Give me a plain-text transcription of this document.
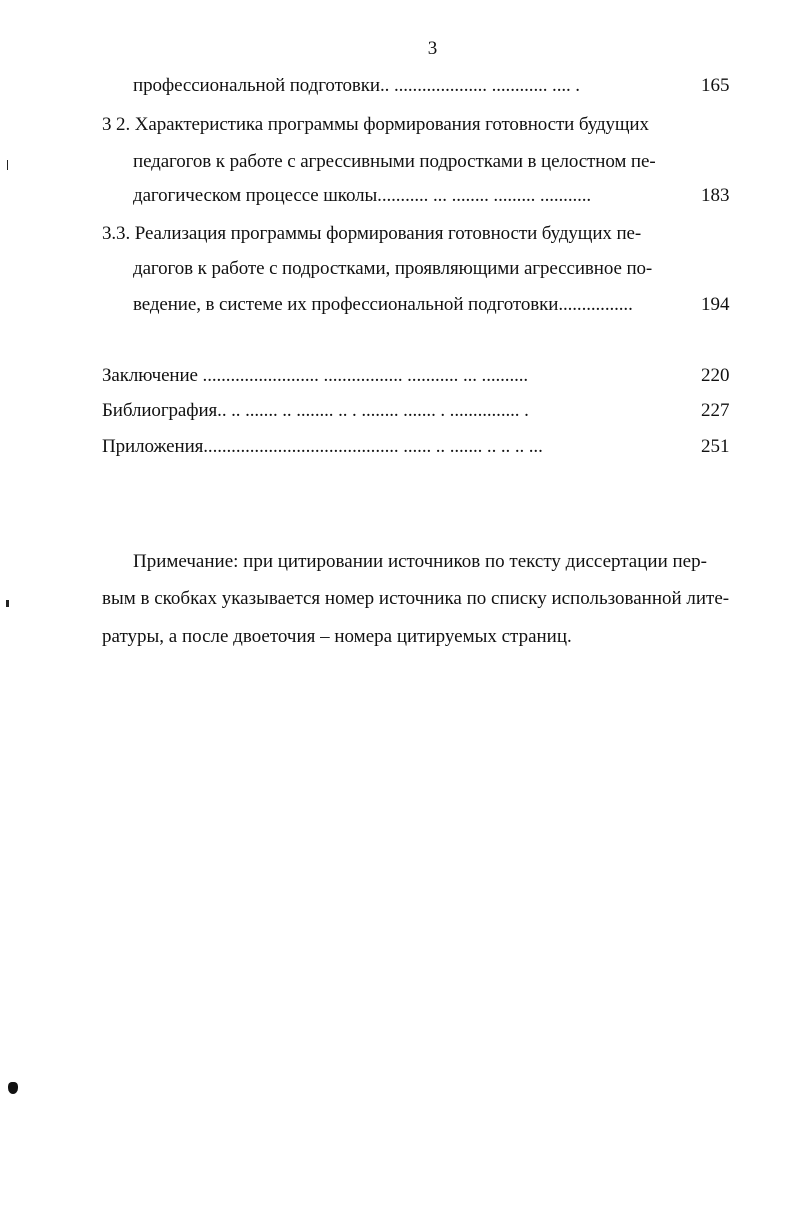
3
профессиональной подготовки.. .................... ............ .... .	165
3 2. Характеристика программы формирования готовности будущих
педагогов к работе с агрессивными подростками в целостном пе-
дагогическом процессе школы........... ... ........ ......... ...........	183
3.3. Реализация программы формирования готовности будущих пе-
дагогов к работе с подростками, проявляющими агрессивное по-
ведение, в системе их профессиональной подготовки................	194
Заключение ......................... ................. ........... ... ..........	220
Библиография.. .. ....... .. ........ .. . ........ ....... . ............... .	227
Приложения.......................................... ...... .. ....... .. .. .. ...	251
Примечание: при цитировании источников по тексту диссертации пер-
вым в скобках указывается номер источника по списку использованной лите-
ратуры, а после двоеточия – номера цитируемых страниц.
